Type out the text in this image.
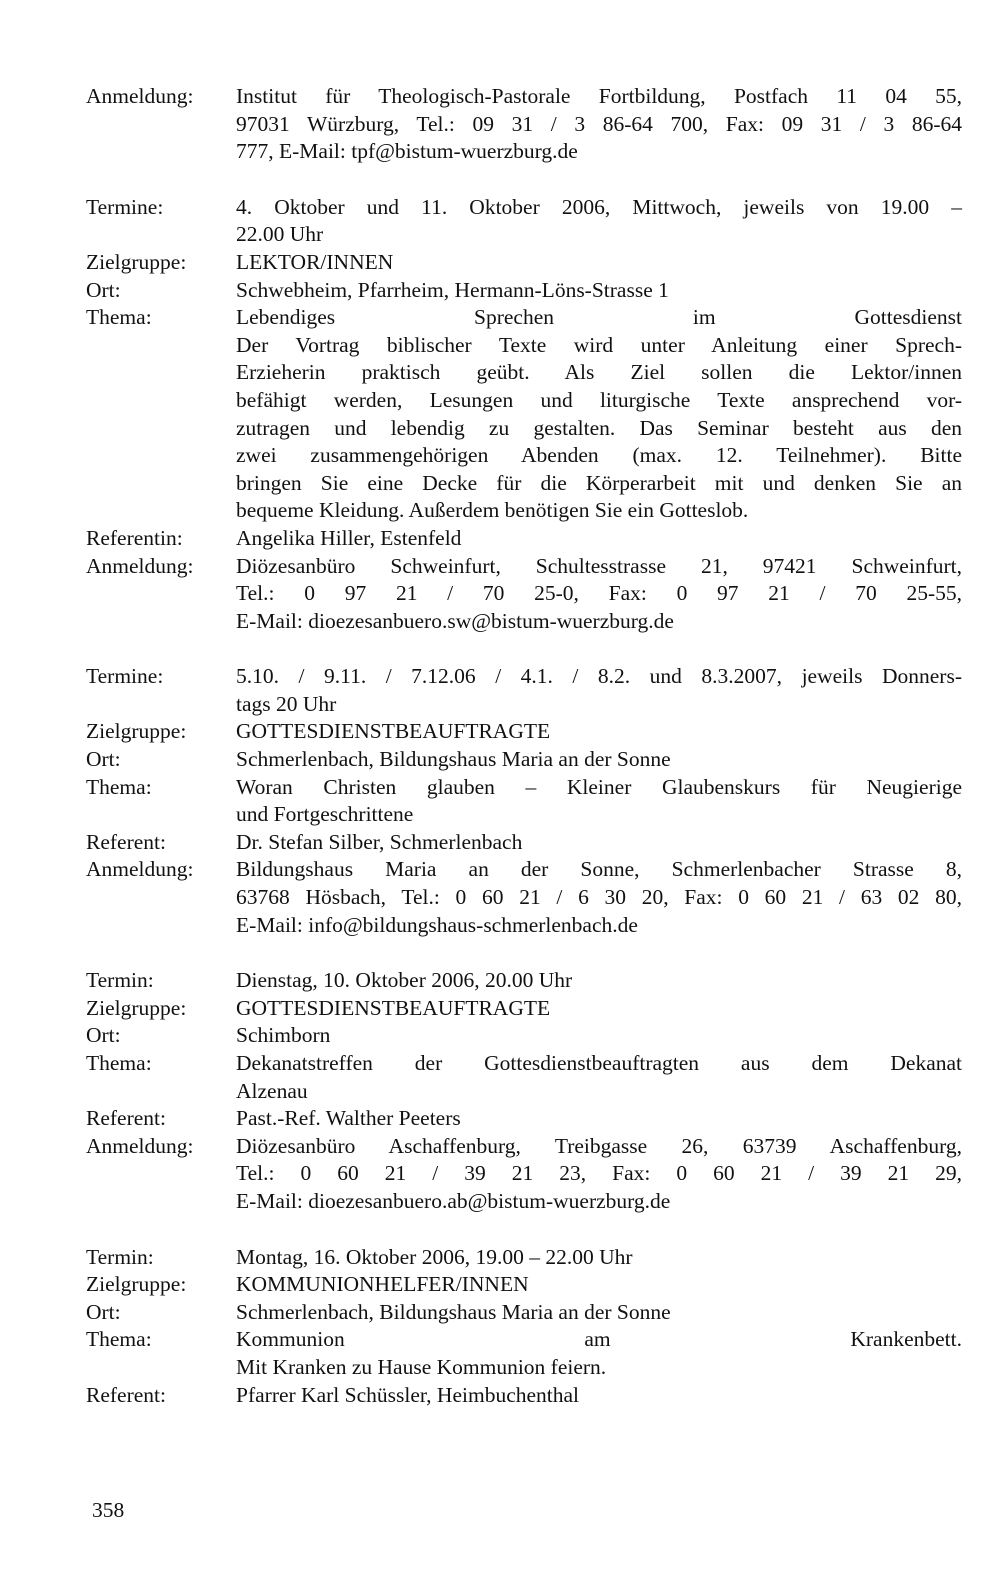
Anmeldung:	Institut für Theologisch-Pastorale Fortbildung, Postfach 11 04 55,
97031 Würzburg, Tel.: 09 31 / 3 86-64 700, Fax: 09 31 / 3 86-64
777, E-Mail: tpf@bistum-wuerzburg.de
Termine:	4. Oktober und 11. Oktober 2006, Mittwoch, jeweils von 19.00 –
22.00 Uhr
Zielgruppe:	LEKTOR/INNEN
Ort:	Schwebheim, Pfarrheim, Hermann-Löns-Strasse 1
Thema:	Lebendiges Sprechen im Gottesdienst
Der Vortrag biblischer Texte wird unter Anleitung einer Sprech-
Erzieherin praktisch geübt. Als Ziel sollen die Lektor/innen
befähigt werden, Lesungen und liturgische Texte ansprechend vor-
zutragen und lebendig zu gestalten. Das Seminar besteht aus den
zwei zusammengehörigen Abenden (max. 12. Teilnehmer). Bitte
bringen Sie eine Decke für die Körperarbeit mit und denken Sie an
bequeme Kleidung. Außerdem benötigen Sie ein Gotteslob.
Referentin:	Angelika Hiller, Estenfeld
Anmeldung:	Diözesanbüro Schweinfurt, Schultesstrasse 21, 97421 Schweinfurt,
Tel.: 0 97 21 / 70 25-0, Fax: 0 97 21 / 70 25-55,
E-Mail: dioezesanbuero.sw@bistum-wuerzburg.de
Termine:	5.10. / 9.11. / 7.12.06 / 4.1. / 8.2. und 8.3.2007, jeweils Donners-
tags 20 Uhr
Zielgruppe:	GOTTESDIENSTBEAUFTRAGTE
Ort:	Schmerlenbach, Bildungshaus Maria an der Sonne
Thema:	Woran Christen glauben – Kleiner Glaubenskurs für Neugierige
und Fortgeschrittene
Referent:	Dr. Stefan Silber, Schmerlenbach
Anmeldung:	Bildungshaus Maria an der Sonne, Schmerlenbacher Strasse 8,
63768 Hösbach, Tel.: 0 60 21 / 6 30 20, Fax: 0 60 21 / 63 02 80,
E-Mail: info@bildungshaus-schmerlenbach.de
Termin:	Dienstag, 10. Oktober 2006, 20.00 Uhr
Zielgruppe:	GOTTESDIENSTBEAUFTRAGTE
Ort:	Schimborn
Thema:	Dekanatstreffen der Gottesdienstbeauftragten aus dem Dekanat
Alzenau
Referent:	Past.-Ref. Walther Peeters
Anmeldung:	Diözesanbüro Aschaffenburg, Treibgasse 26, 63739 Aschaffenburg,
Tel.: 0 60 21 / 39 21 23, Fax: 0 60 21 / 39 21 29,
E-Mail: dioezesanbuero.ab@bistum-wuerzburg.de
Termin:	Montag, 16. Oktober 2006, 19.00 – 22.00 Uhr
Zielgruppe:	KOMMUNIONHELFER/INNEN
Ort:	Schmerlenbach, Bildungshaus Maria an der Sonne
Thema:	Kommunion am Krankenbett.
Mit Kranken zu Hause Kommunion feiern.
Referent:	Pfarrer Karl Schüssler, Heimbuchenthal
358
